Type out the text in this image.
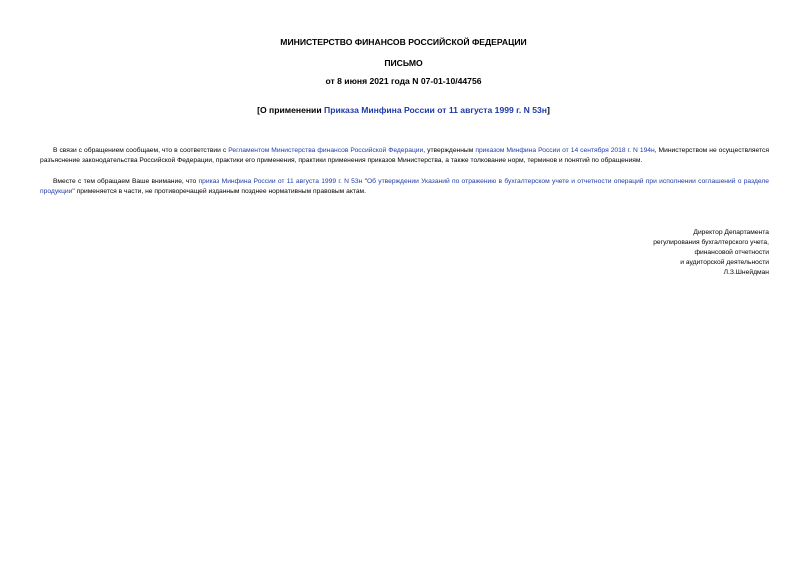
МИНИСТЕРСТВО ФИНАНСОВ РОССИЙСКОЙ ФЕДЕРАЦИИ
ПИСЬМО
от 8 июня 2021 года N 07-01-10/44756
[О применении Приказа Минфина России от 11 августа 1999 г. N 53н]
В связи с обращением сообщаем, что в соответствии с Регламентом Министерства финансов Российской Федерации, утвержденным приказом Минфина России от 14 сентября 2018 г. N 194н, Министерством не осуществляется разъяснение законодательства Российской Федерации, практики его применения, практики применения приказов Министерства, а также толкование норм, терминов и понятий по обращениям.
Вместе с тем обращаем Ваше внимание, что приказ Минфина России от 11 августа 1999 г. N 53н "Об утверждении Указаний по отражению в бухгалтерском учете и отчетности операций при исполнении соглашений о разделе продукции" применяется в части, не противоречащей изданным позднее нормативным правовым актам.
Директор Департамента
регулирования бухгалтерского учета,
финансовой отчетности
и аудиторской деятельности
Л.З.Шнейдман
